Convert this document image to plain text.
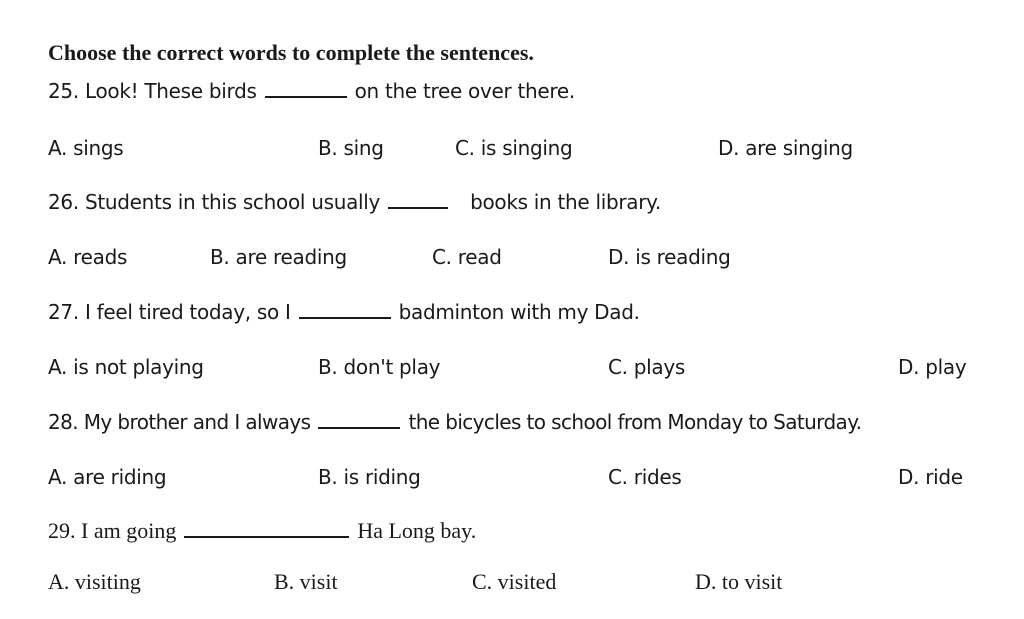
Choose the correct words to complete the sentences.
25. Look! These birds	on the tree over there.
A. sings	B. sing	C. is singing	D. are singing
26. Students in this school usually	books in the library.
A. reads	B. are reading	C. read	D. is reading
27. I feel tired today, so I	badminton with my Dad.
A. is not playing	B. don't play	C. plays	D. play
28. My brother and I always	the bicycles to school from Monday to Saturday.
A. are riding	B. is riding	C. rides	D. ride
29. I am going	Ha Long bay.
A. visiting	B. visit	C. visited	D. to visit
